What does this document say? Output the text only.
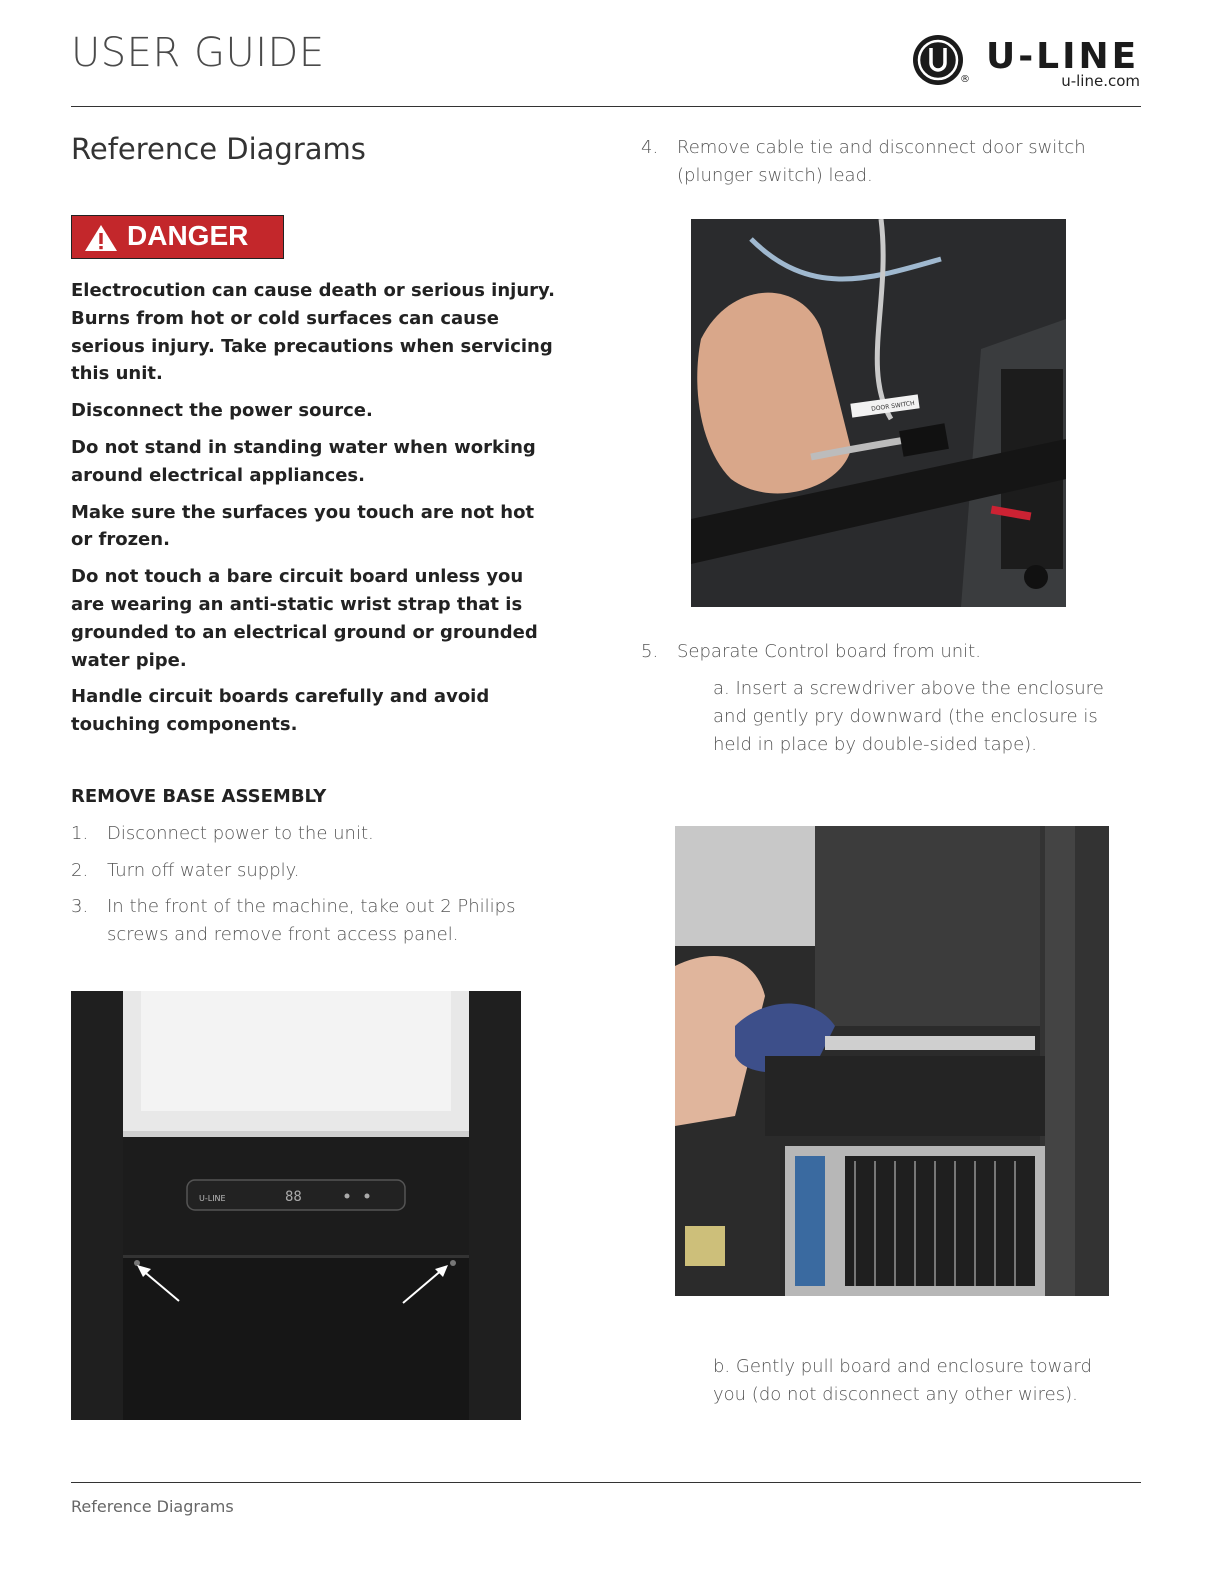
USER GUIDE
®
U-LINE
u-line.com
Reference Diagrams
DANGER

Electrocution can cause death or serious injury. Burns from hot or cold surfaces can cause serious injury. Take precautions when servicing this unit.

Disconnect the power source.

Do not stand in standing water when working around electrical appliances.

Make sure the surfaces you touch are not hot or frozen.

Do not touch a bare circuit board unless you are wearing an anti-static wrist strap that is grounded to an electrical ground or grounded water pipe.

Handle circuit boards carefully and avoid touching components.

REMOVE BASE ASSEMBLY
1. Disconnect power to the unit.
2. Turn off water supply.
3. In the front of the machine, take out 2 Philips screws and remove front access panel.
U-LINE	88
4. Remove cable tie and disconnect door switch (plunger switch) lead.
DOOR SWITCH
5. Separate Control board from unit.
a. Insert a screwdriver above the enclosure and gently pry downward (the enclosure is held in place by double-sided tape).
b. Gently pull board and enclosure toward you (do not disconnect any other wires).
Reference Diagrams
